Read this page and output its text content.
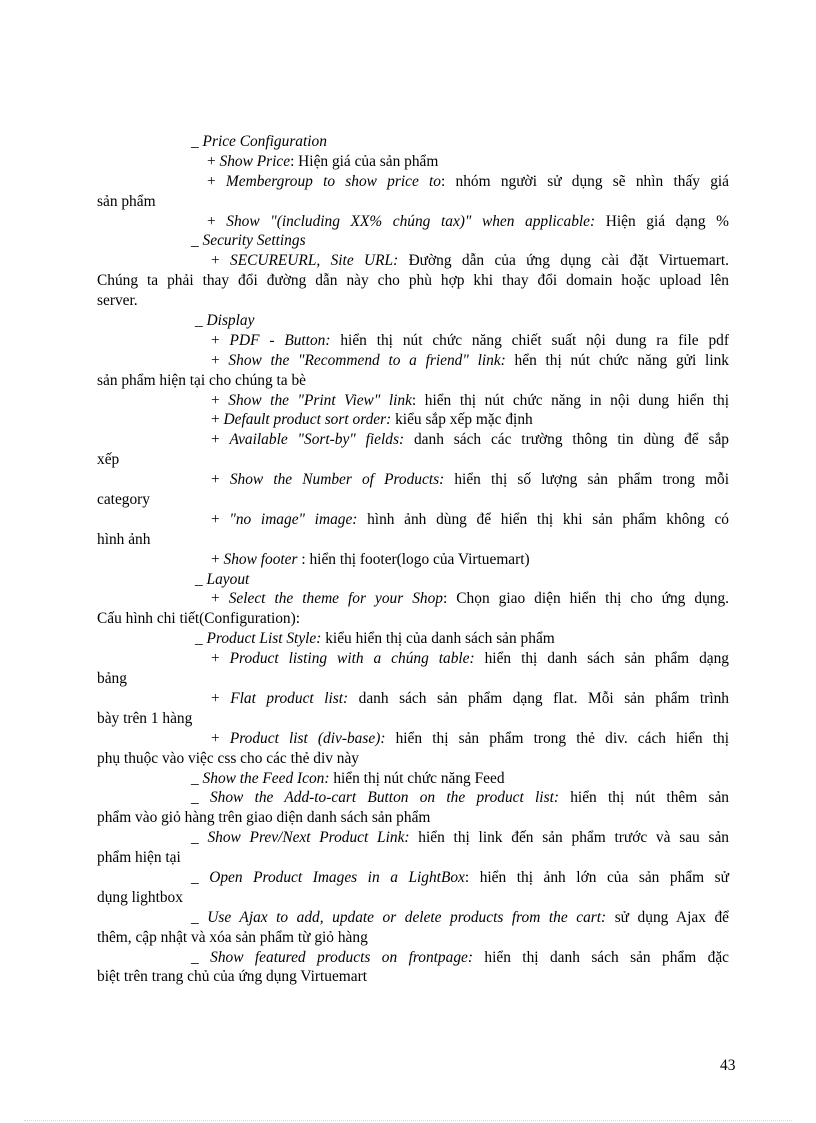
_ Price Configuration
+ Show Price: Hiện giá của sản phẩm
+ Membergroup to show price to: nhóm người sử dụng sẽ nhìn thấy giá
sản phẩm
+ Show "(including XX% chúng tax)" when applicable: Hiện giá dạng %
_ Security Settings
+ SECUREURL, Site URL: Đường dẫn của ứng dụng cài đặt Virtuemart.
Chúng ta phải thay đổi đường dẫn này cho phù hợp khi thay đổi domain hoặc upload lên
server.
_ Display
+ PDF - Button: hiển thị nút chức năng chiết suất nội dung ra file pdf
+ Show the "Recommend to a friend" link: hển thị nút chức năng gửi link
sản phẩm hiện tại cho chúng ta bè
+ Show the "Print View" link: hiển thị nút chức năng in nội dung hiển thị
+ Default product sort order: kiểu sắp xếp mặc định
+ Available "Sort-by" fields: danh sách các trường thông tin dùng để sắp
xếp
+ Show the Number of Products: hiển thị số lượng sản phẩm trong mỗi
category
+ "no image" image: hình ảnh dùng để hiển thị khi sản phẩm không có
hình ảnh
+ Show footer : hiển thị footer(logo của Virtuemart)
_ Layout
+ Select the theme for your Shop: Chọn giao diện hiển thị cho ứng dụng.
Cấu hình chi tiết(Configuration):
_ Product List Style: kiểu hiển thị của danh sách sản phẩm
+ Product listing with a chúng table: hiển thị danh sách sản phẩm dạng
bảng
+ Flat product list: danh sách sản phẩm dạng flat. Mỗi sản phẩm trình
bày trên 1 hàng
+ Product list (div-base): hiển thị sản phẩm trong thẻ div. cách hiển thị
phụ thuộc vào việc css cho các thẻ div này
_ Show the Feed Icon: hiển thị nút chức năng Feed
_ Show the Add-to-cart Button on the product list: hiển thị nút thêm sản
phẩm vào giỏ hàng trên giao diện danh sách sản phẩm
_ Show Prev/Next Product Link: hiển thị link đến sản phẩm trước và sau sản
phẩm hiện tại
_ Open Product Images in a LightBox: hiển thị ảnh lớn của sản phẩm sử
dụng lightbox
_ Use Ajax to add, update or delete products from the cart: sử dụng Ajax để
thêm, cập nhật và xóa sản phẩm từ giỏ hàng
_ Show featured products on frontpage: hiển thị danh sách sản phẩm đặc
biệt trên trang chủ của ứng dụng Virtuemart
43
